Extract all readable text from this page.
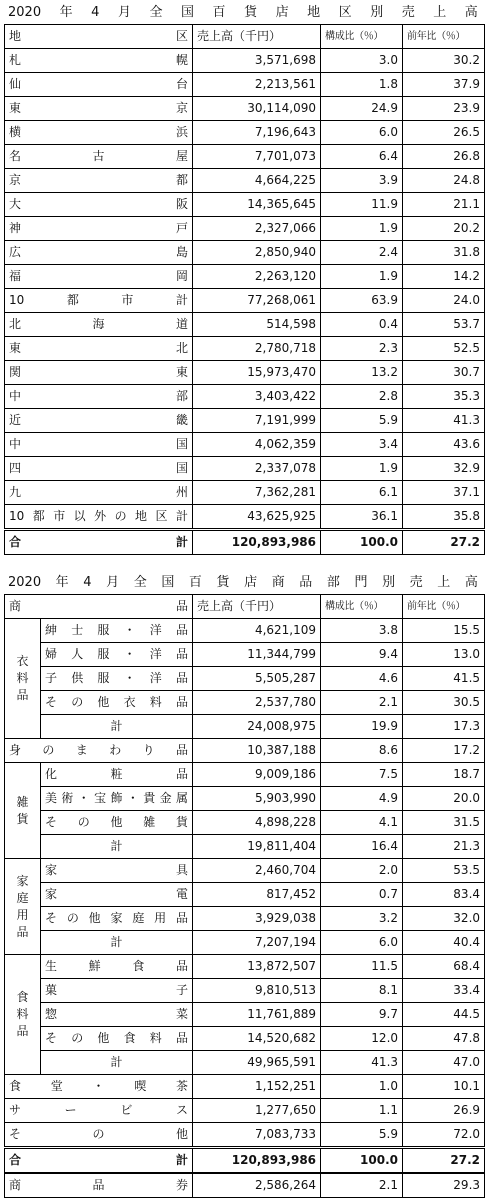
2020 年 4 月 全 国 百 貨 店 地 区 別 売 上 高
地　区	売上高（千円）	構成比（％）	前年比（％）
札幌	3,571,698	3.0	30.2
仙台	2,213,561	1.8	37.9
東京	30,114,090	24.9	23.9
横浜	7,196,643	6.0	26.5
名古屋	7,701,073	6.4	26.8
京都	4,664,225	3.9	24.8
大阪	14,365,645	11.9	21.1
神戸	2,327,066	1.9	20.2
広島	2,850,940	2.4	31.8
福岡	2,263,120	1.9	14.2
10都市計	77,268,061	63.9	24.0
北海道	514,598	0.4	53.7
東北	2,780,718	2.3	52.5
関東	15,973,470	13.2	30.7
中部	3,403,422	2.8	35.3
近畿	7,191,999	5.9	41.3
中国	4,062,359	3.4	43.6
四国	2,337,078	1.9	32.9
九州	7,362,281	6.1	37.1
10都市以外の地区計	43,625,925	36.1	35.8
合計	120,893,986	100.0	27.2
2020 年 4 月 全 国 百 貨 店 商 品 部 門 別 売 上 高
商　品		売上高（千円）	構成比（％）	前年比（％）
衣
料
品	紳士服・洋品	4,621,109	3.8	15.5
	婦人服・洋品	11,344,799	9.4	13.0
	子供服・洋品	5,505,287	4.6	41.5
	その他衣料品	2,537,780	2.1	30.5
	計	24,008,975	19.9	17.3
身のまわり品		10,387,188	8.6	17.2
雑
貨	化粧品	9,009,186	7.5	18.7
	美術・宝飾・貴金属	5,903,990	4.9	20.0
	その他雑貨	4,898,228	4.1	31.5
	計	19,811,404	16.4	21.3
家
庭
用
品	家具	2,460,704	2.0	53.5
	家電	817,452	0.7	83.4
	その他家庭用品	3,929,038	3.2	32.0
	計	7,207,194	6.0	40.4
食
料
品	生鮮食品	13,872,507	11.5	68.4
	菓子	9,810,513	8.1	33.4
	惣菜	11,761,889	9.7	44.5
	その他食料品	14,520,682	12.0	47.8
	計	49,965,591	41.3	47.0
食堂・喫茶		1,152,251	1.0	10.1
サービス		1,277,650	1.1	26.9
その他		7,083,733	5.9	72.0
合計		120,893,986	100.0	27.2
商品券		2,586,264	2.1	29.3
